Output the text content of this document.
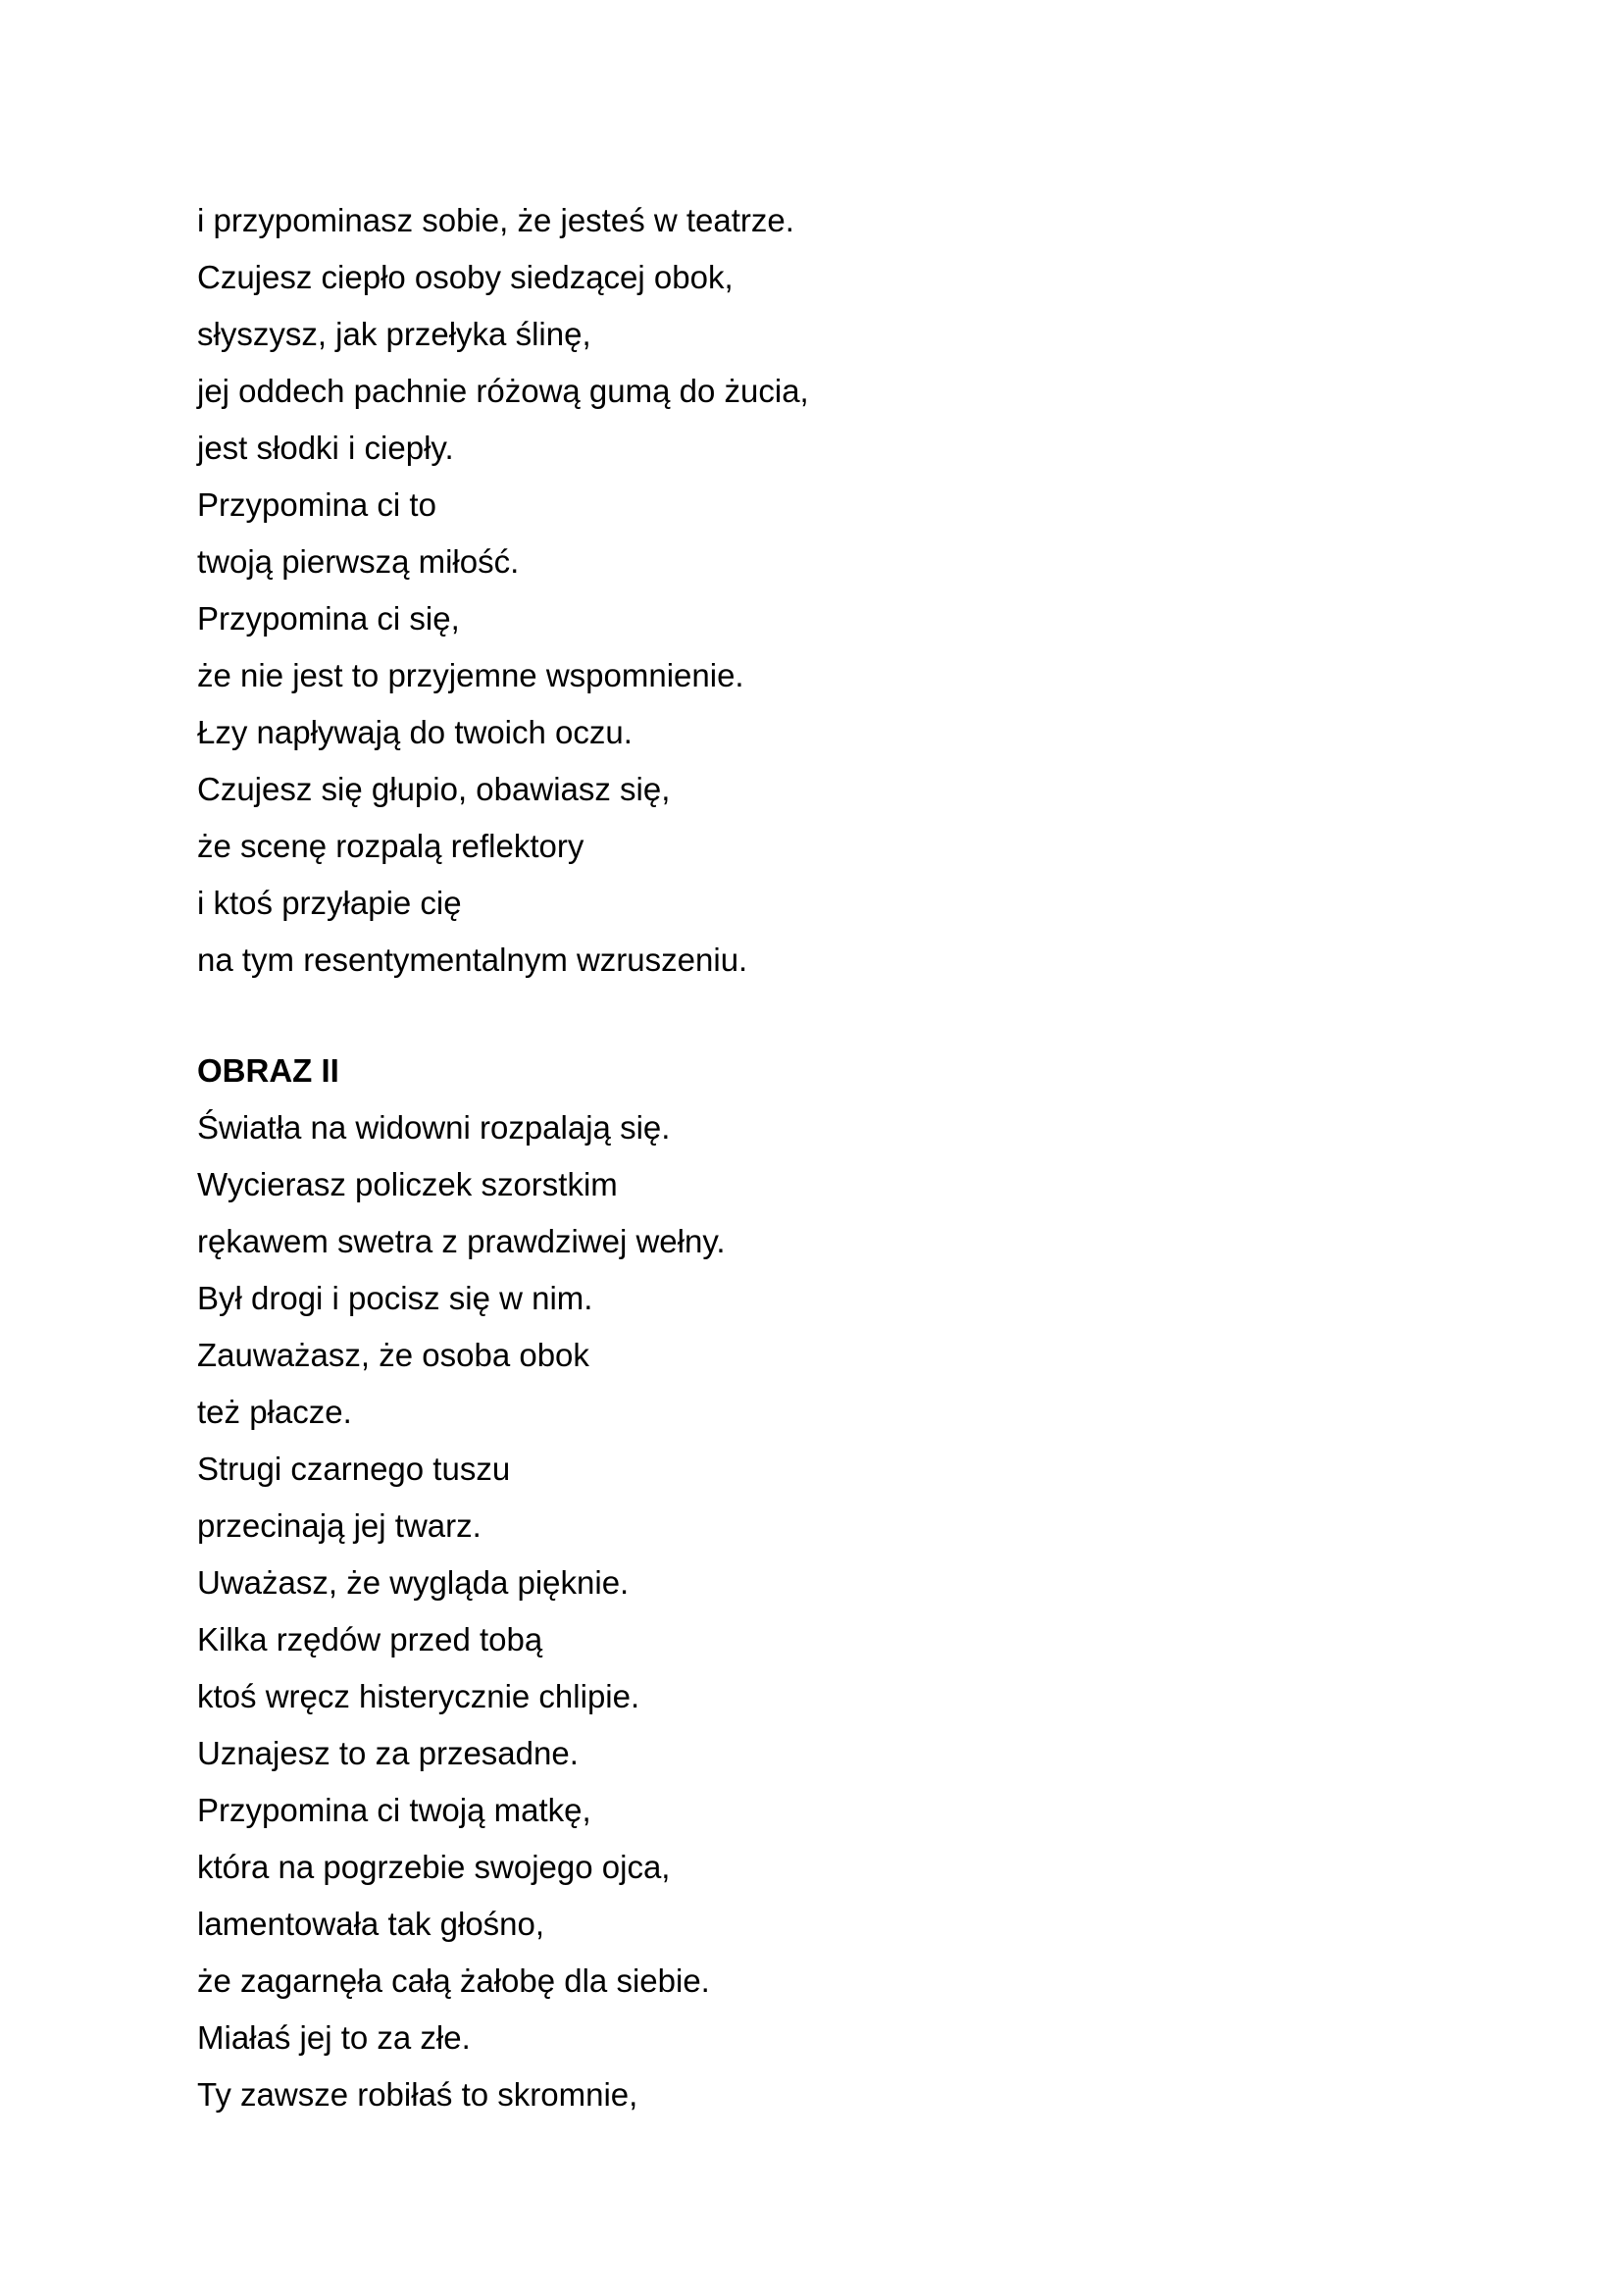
i przypominasz sobie, że jesteś w teatrze.

Czujesz ciepło osoby siedzącej obok,

słyszysz, jak przełyka ślinę,

jej oddech pachnie różową gumą do żucia,

jest słodki i ciepły.

Przypomina ci to

twoją pierwszą miłość.

Przypomina ci się,

że nie jest to przyjemne wspomnienie.

Łzy napływają do twoich oczu.

Czujesz się głupio, obawiasz się,

że scenę rozpalą reflektory

i ktoś przyłapie cię

na tym resentymentalnym wzruszeniu.

OBRAZ II

Światła na widowni rozpalają się.

Wycierasz policzek szorstkim

rękawem swetra z prawdziwej wełny.

Był drogi i pocisz się w nim.

Zauważasz, że osoba obok

też płacze.

Strugi czarnego tuszu

przecinają jej twarz.

Uważasz, że wygląda pięknie.

Kilka rzędów przed tobą

ktoś wręcz histerycznie chlipie.

Uznajesz to za przesadne.

Przypomina ci twoją matkę,

która na pogrzebie swojego ojca,

lamentowała tak głośno,

że zagarnęła całą żałobę dla siebie.

Miałaś jej to za złe.

Ty zawsze robiłaś to skromnie,
